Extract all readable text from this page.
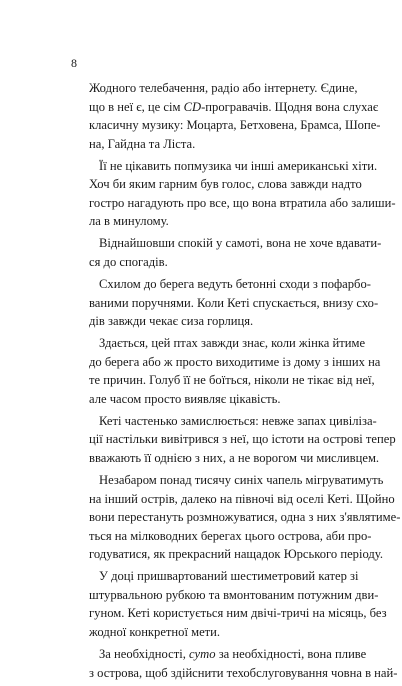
8

Жодного телебачення, радіо або інтернету. Єдине,
що в неї є, це сім CD-програвачів. Щодня вона слухає
класичну музику: Моцарта, Бетховена, Брамса, Шопе-
на, Гайдна та Ліста.

Її не цікавить попмузика чи інші американські хіти.
Хоч би яким гарним був голос, слова завжди надто
гостро нагадують про все, що вона втратила або залиши-
ла в минулому.

Віднайшовши спокій у самоті, вона не хоче вдавати-
ся до спогадів.

Схилом до берега ведуть бетонні сходи з пофарбо-
ваними поручнями. Коли Кеті спускається, внизу схо-
дів завжди чекає сиза горлиця.

Здається, цей птах завжди знає, коли жінка йтиме
до берега або ж просто виходитиме із дому з інших на
те причин. Голуб її не боїться, ніколи не тікає від неї,
але часом просто виявляє цікавість.

Кеті частенько замислюється: невже запах цивіліза-
ції настільки вивітрився з неї, що істоти на острові тепер
вважають її однією з них, а не ворогом чи мисливцем.

Незабаром понад тисячу синіх чапель мігруватимуть
на інший острів, далеко на півночі від оселі Кеті. Щойно
вони перестануть розмножуватися, одна з них з'являтиме-
ться на мілководних берегах цього острова, аби про-
годуватися, як прекрасний нащадок Юрського періоду.

У доці пришвартований шестиметровий катер зі
штурвальною рубкою та вмонтованим потужним дви-
гуном. Кеті користується ним двічі-тричі на місяць, без
жодної конкретної мети.

За необхідності, сутo за необхідності, вона пливе
з острова, щоб здійснити техобслуговування човна в най-
